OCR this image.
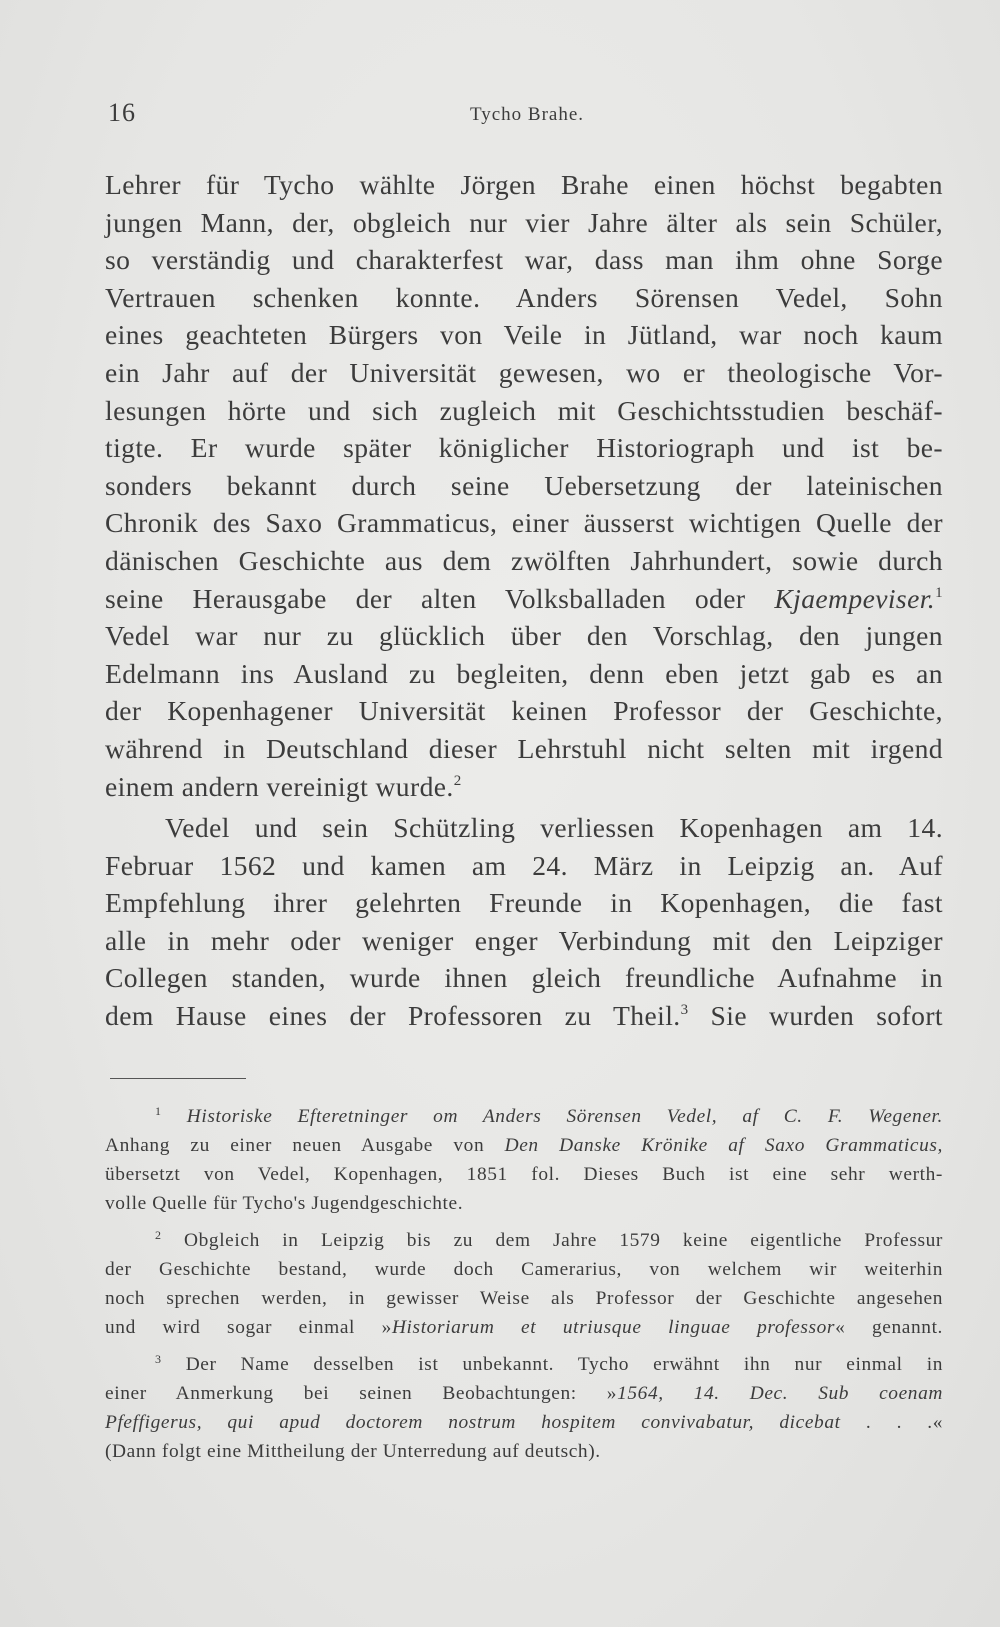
16	Tycho Brahe.
Lehrer für Tycho wählte Jörgen Brahe einen höchst begabten
jungen Mann, der, obgleich nur vier Jahre älter als sein Schüler,
so verständig und charakterfest war, dass man ihm ohne Sorge
Vertrauen schenken konnte. Anders Sörensen Vedel, Sohn
eines geachteten Bürgers von Veile in Jütland, war noch kaum
ein Jahr auf der Universität gewesen, wo er theologische Vor-
lesungen hörte und sich zugleich mit Geschichtsstudien beschäf-
tigte. Er wurde später königlicher Historiograph und ist be-
sonders bekannt durch seine Uebersetzung der lateinischen
Chronik des Saxo Grammaticus, einer äusserst wichtigen Quelle der
dänischen Geschichte aus dem zwölften Jahrhundert, sowie durch
seine Herausgabe der alten Volksballaden oder Kjaempeviser.$^1$
Vedel war nur zu glücklich über den Vorschlag, den jungen
Edelmann ins Ausland zu begleiten, denn eben jetzt gab es an
der Kopenhagener Universität keinen Professor der Geschichte,
während in Deutschland dieser Lehrstuhl nicht selten mit irgend
einem andern vereinigt wurde.$^2$
Vedel und sein Schützling verliessen Kopenhagen am 14.
Februar 1562 und kamen am 24. März in Leipzig an. Auf
Empfehlung ihrer gelehrten Freunde in Kopenhagen, die fast
alle in mehr oder weniger enger Verbindung mit den Leipziger
Collegen standen, wurde ihnen gleich freundliche Aufnahme in
dem Hause eines der Professoren zu Theil.$^3$ Sie wurden sofort
$^1$ Historiske Efteretninger om Anders Sörensen Vedel, af C. F. Wegener.
Anhang zu einer neuen Ausgabe von Den Danske Krönike af Saxo Grammaticus,
übersetzt von Vedel, Kopenhagen, 1851 fol. Dieses Buch ist eine sehr werth-
volle Quelle für Tycho's Jugendgeschichte.
$^2$ Obgleich in Leipzig bis zu dem Jahre 1579 keine eigentliche Professur
der Geschichte bestand, wurde doch Camerarius, von welchem wir weiterhin
noch sprechen werden, in gewisser Weise als Professor der Geschichte angesehen
und wird sogar einmal »Historiarum et utriusque linguae professor« genannt.
$^3$ Der Name desselben ist unbekannt. Tycho erwähnt ihn nur einmal in
einer Anmerkung bei seinen Beobachtungen: »1564, 14. Dec. Sub coenam
Pfeffigerus, qui apud doctorem nostrum hospitem convivabatur, dicebat . . .«
(Dann folgt eine Mittheilung der Unterredung auf deutsch).
